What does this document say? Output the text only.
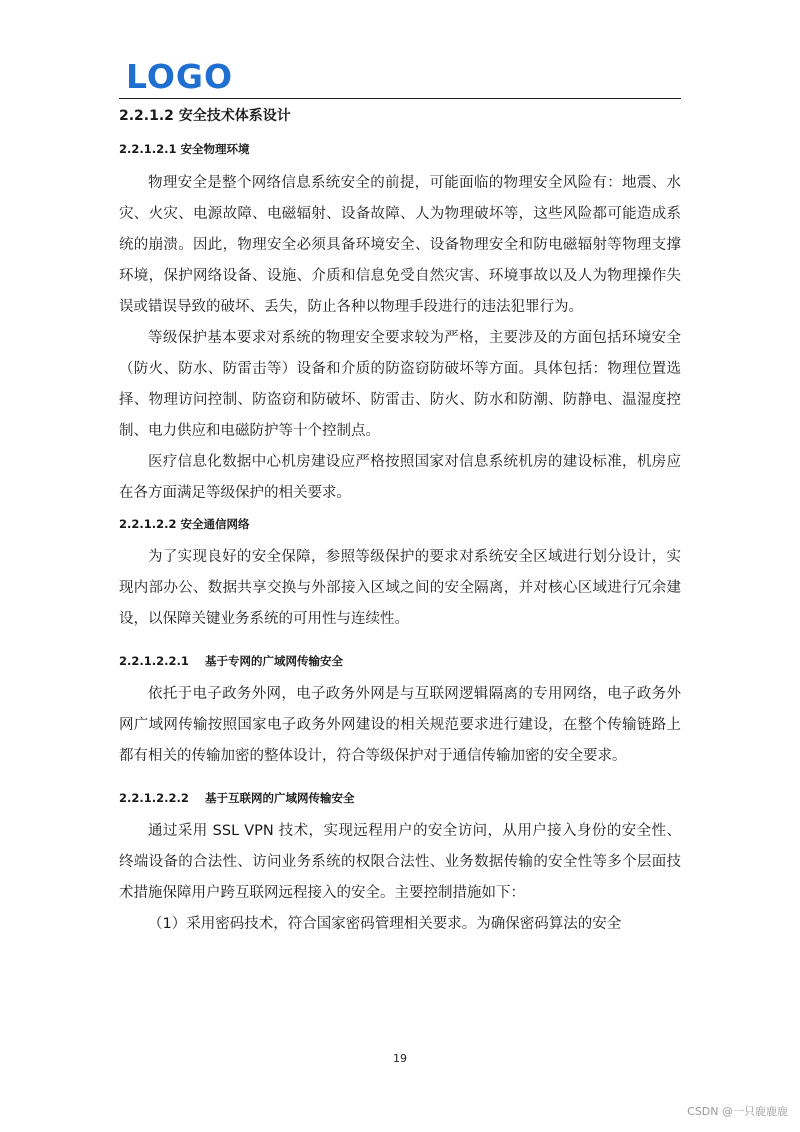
LOGO
2.2.1.2 安全技术体系设计
2.2.1.2.1 安全物理环境

物理安全是整个网络信息系统安全的前提，可能面临的物理安全风险有：地震、水灾、火灾、电源故障、电磁辐射、设备故障、人为物理破坏等，这些风险都可能造成系统的崩溃。因此，物理安全必须具备环境安全、设备物理安全和防电磁辐射等物理支撑环境，保护网络设备、设施、介质和信息免受自然灾害、环境事故以及人为物理操作失误或错误导致的破坏、丢失，防止各种以物理手段进行的违法犯罪行为。

等级保护基本要求对系统的物理安全要求较为严格，主要涉及的方面包括环境安全（防火、防水、防雷击等）设备和介质的防盗窃防破坏等方面。具体包括：物理位置选择、物理访问控制、防盗窃和防破坏、防雷击、防火、防水和防潮、防静电、温湿度控制、电力供应和电磁防护等十个控制点。

医疗信息化数据中心机房建设应严格按照国家对信息系统机房的建设标准，机房应在各方面满足等级保护的相关要求。

2.2.1.2.2 安全通信网络

为了实现良好的安全保障，参照等级保护的要求对系统安全区域进行划分设计，实现内部办公、数据共享交换与外部接入区域之间的安全隔离，并对核心区域进行冗余建设，以保障关键业务系统的可用性与连续性。

2.2.1.2.2.1 基于专网的广域网传输安全

依托于电子政务外网，电子政务外网是与互联网逻辑隔离的专用网络，电子政务外网广域网传输按照国家电子政务外网建设的相关规范要求进行建设，在整个传输链路上都有相关的传输加密的整体设计，符合等级保护对于通信传输加密的安全要求。

2.2.1.2.2.2 基于互联网的广域网传输安全

通过采用 SSL VPN 技术，实现远程用户的安全访问，从用户接入身份的安全性、终端设备的合法性、访问业务系统的权限合法性、业务数据传输的安全性等多个层面技术措施保障用户跨互联网远程接入的安全。主要控制措施如下：

（1）采用密码技术，符合国家密码管理相关要求。为确保密码算法的安全

19
CSDN @一只鹿鹿鹿
